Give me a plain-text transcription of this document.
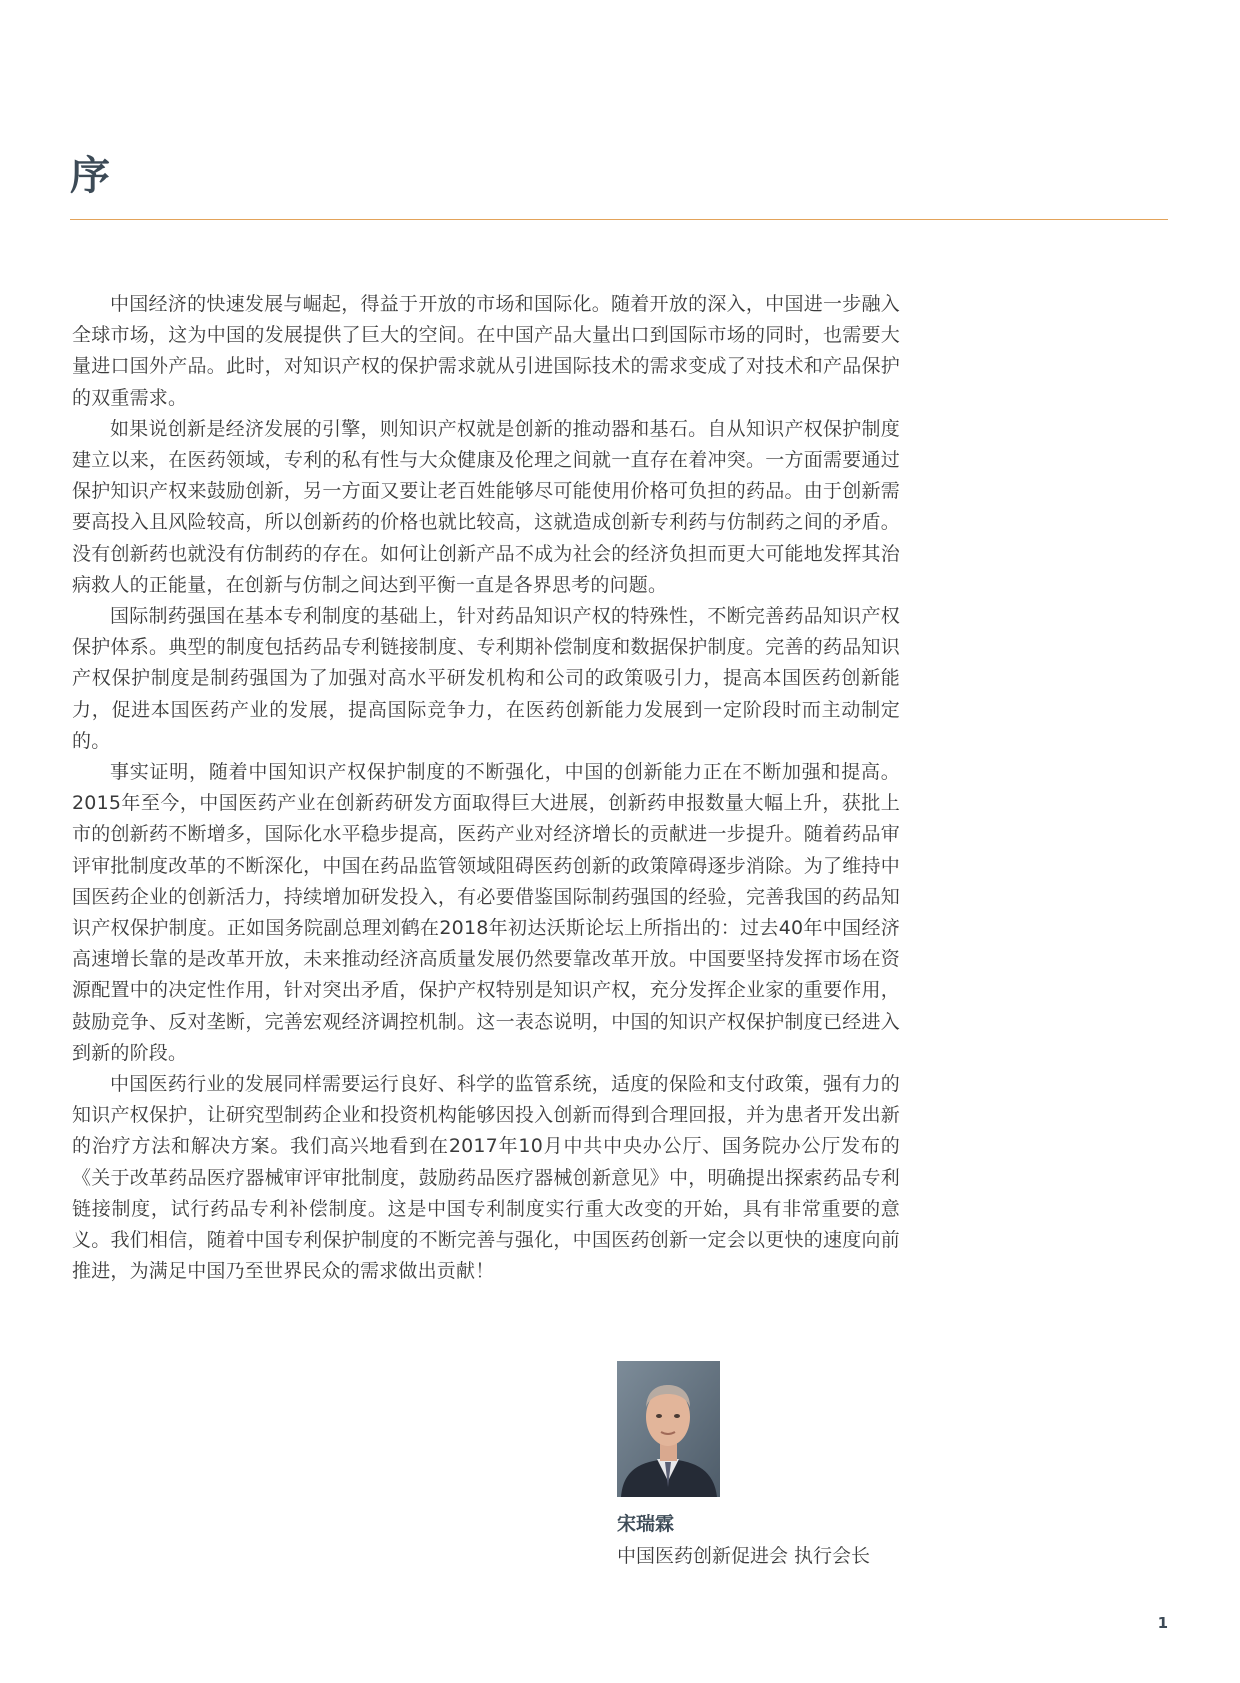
序

中国经济的快速发展与崛起，得益于开放的市场和国际化。随着开放的深入，中国进一步融入全球市场，这为中国的发展提供了巨大的空间。在中国产品大量出口到国际市场的同时，也需要大量进口国外产品。此时，对知识产权的保护需求就从引进国际技术的需求变成了对技术和产品保护的双重需求。

如果说创新是经济发展的引擎，则知识产权就是创新的推动器和基石。自从知识产权保护制度建立以来，在医药领域，专利的私有性与大众健康及伦理之间就一直存在着冲突。一方面需要通过保护知识产权来鼓励创新，另一方面又要让老百姓能够尽可能使用价格可负担的药品。由于创新需要高投入且风险较高，所以创新药的价格也就比较高，这就造成创新专利药与仿制药之间的矛盾。没有创新药也就没有仿制药的存在。如何让创新产品不成为社会的经济负担而更大可能地发挥其治病救人的正能量，在创新与仿制之间达到平衡一直是各界思考的问题。

国际制药强国在基本专利制度的基础上，针对药品知识产权的特殊性，不断完善药品知识产权保护体系。典型的制度包括药品专利链接制度、专利期补偿制度和数据保护制度。完善的药品知识产权保护制度是制药强国为了加强对高水平研发机构和公司的政策吸引力，提高本国医药创新能力，促进本国医药产业的发展，提高国际竞争力，在医药创新能力发展到一定阶段时而主动制定的。

事实证明，随着中国知识产权保护制度的不断强化，中国的创新能力正在不断加强和提高。2015年至今，中国医药产业在创新药研发方面取得巨大进展，创新药申报数量大幅上升，获批上市的创新药不断增多，国际化水平稳步提高，医药产业对经济增长的贡献进一步提升。随着药品审评审批制度改革的不断深化，中国在药品监管领域阻碍医药创新的政策障碍逐步消除。为了维持中国医药企业的创新活力，持续增加研发投入，有必要借鉴国际制药强国的经验，完善我国的药品知识产权保护制度。正如国务院副总理刘鹤在2018年初达沃斯论坛上所指出的：过去40年中国经济高速增长靠的是改革开放，未来推动经济高质量发展仍然要靠改革开放。中国要坚持发挥市场在资源配置中的决定性作用，针对突出矛盾，保护产权特别是知识产权，充分发挥企业家的重要作用，鼓励竞争、反对垄断，完善宏观经济调控机制。这一表态说明，中国的知识产权保护制度已经进入到新的阶段。

中国医药行业的发展同样需要运行良好、科学的监管系统，适度的保险和支付政策，强有力的知识产权保护，让研究型制药企业和投资机构能够因投入创新而得到合理回报，并为患者开发出新的治疗方法和解决方案。我们高兴地看到在2017年10月中共中央办公厅、国务院办公厅发布的《关于改革药品医疗器械审评审批制度，鼓励药品医疗器械创新意见》中，明确提出探索药品专利链接制度，试行药品专利补偿制度。这是中国专利制度实行重大改变的开始，具有非常重要的意义。我们相信，随着中国专利保护制度的不断完善与强化，中国医药创新一定会以更快的速度向前推进，为满足中国乃至世界民众的需求做出贡献！

宋瑞霖
中国医药创新促进会 执行会长
1
